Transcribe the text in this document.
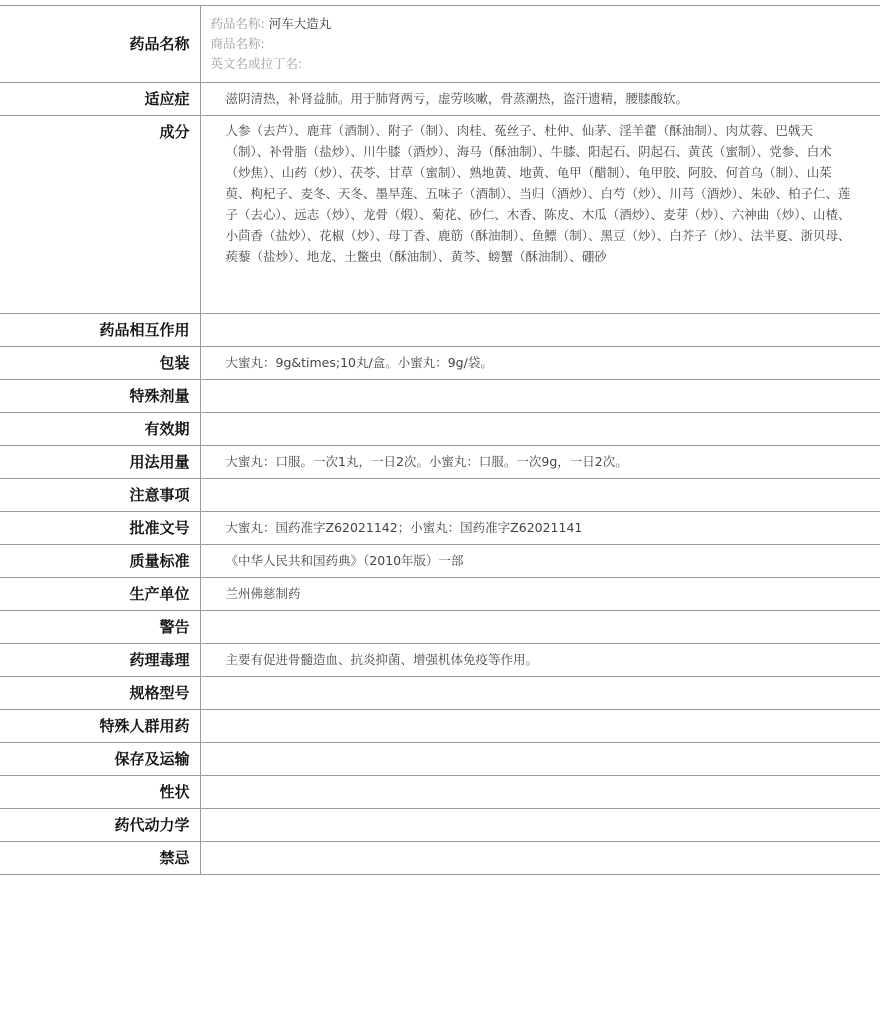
药品名称	药品名称: 河车大造丸
商品名称:
英文名或拉丁名:

适应症	滋阴清热，补肾益肺。用于肺肾两亏，虚劳咳嗽，骨蒸潮热，盗汗遗精，腰膝酸软。
成分	人参（去芦）、鹿茸（酒制）、附子（制）、肉桂、菟丝子、杜仲、仙茅、淫羊藿（酥油制）、肉苁蓉、巴戟天（制）、补骨脂（盐炒）、川牛膝（酒炒）、海马（酥油制）、牛膝、阳起石、阴起石、黄芪（蜜制）、党参、白术（炒焦）、山药（炒）、茯苓、甘草（蜜制）、熟地黄、地黄、龟甲（醋制）、龟甲胶、阿胶、何首乌（制）、山茱萸、枸杞子、麦冬、天冬、墨旱莲、五味子（酒制）、当归（酒炒）、白芍（炒）、川芎（酒炒）、朱砂、柏子仁、莲子（去心）、远志（炒）、龙骨（煅）、菊花、砂仁、木香、陈皮、木瓜（酒炒）、麦芽（炒）、六神曲（炒）、山楂、小茴香（盐炒）、花椒（炒）、母丁香、鹿筋（酥油制）、鱼鳔（制）、黑豆（炒）、白芥子（炒）、法半夏、浙贝母、蒺藜（盐炒）、地龙、土鳖虫（酥油制）、黄芩、螃蟹（酥油制）、硼砂
药品相互作用	
包装	大蜜丸：9g&times;10丸/盒。小蜜丸：9g/袋。
特殊剂量	
有效期	
用法用量	大蜜丸：口服。一次1丸，一日2次。小蜜丸：口服。一次9g，一日2次。
注意事项	
批准文号	大蜜丸：国药准字Z62021142；小蜜丸：国药准字Z62021141
质量标准	《中华人民共和国药典》（2010年版）一部
生产单位	兰州佛慈制药
警告	
药理毒理	主要有促进骨髓造血、抗炎抑菌、增强机体免疫等作用。
规格型号	
特殊人群用药	
保存及运输	
性状	
药代动力学	
禁忌	
